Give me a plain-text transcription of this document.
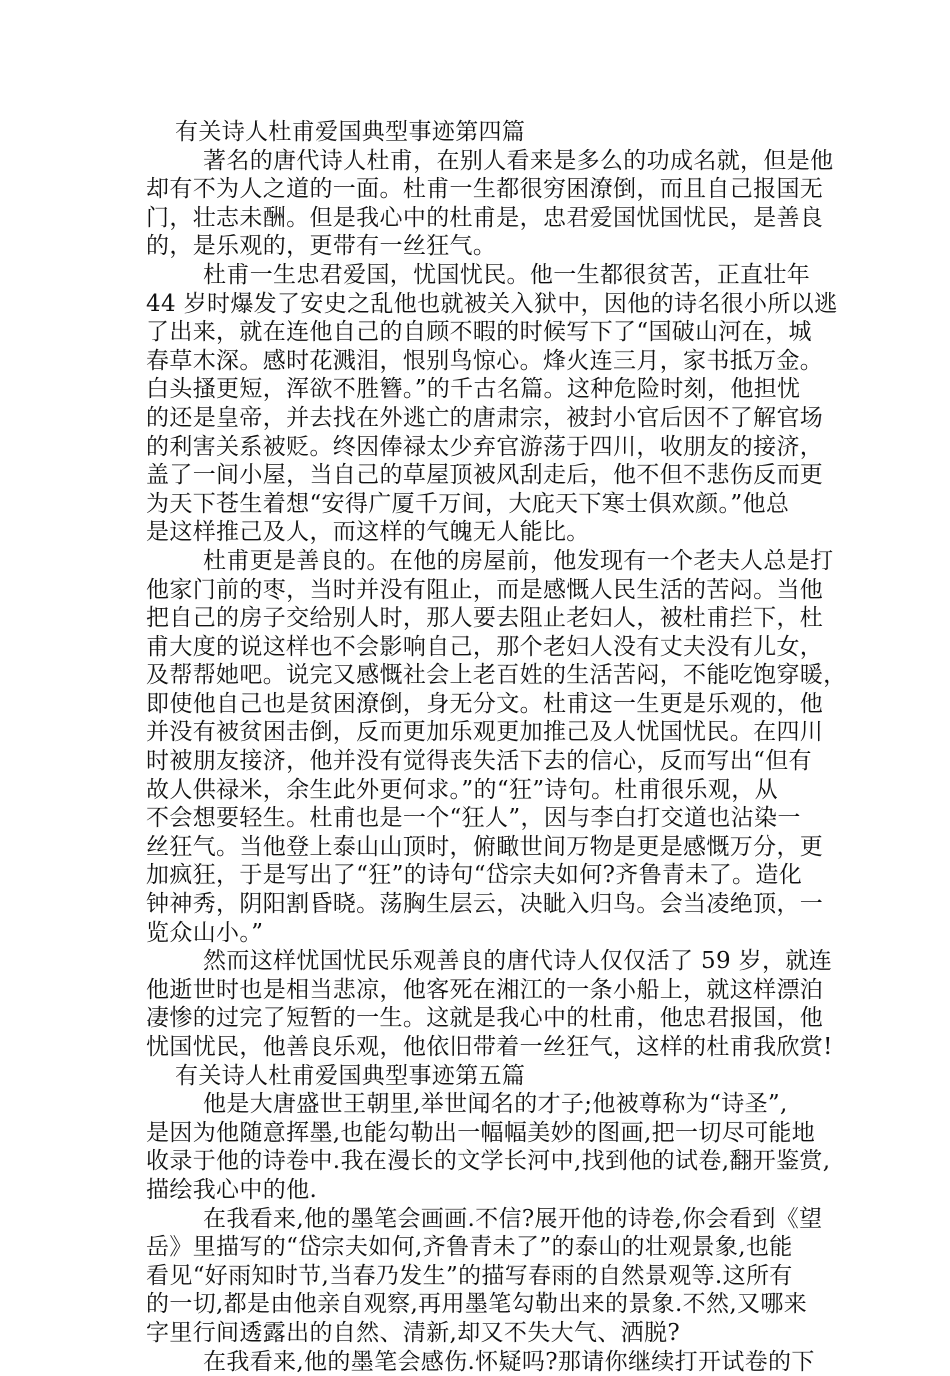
有关诗人杜甫爱国典型事迹第四篇
著名的唐代诗人杜甫，在别人看来是多么的功成名就，但是他
却有不为人之道的一面。杜甫一生都很穷困潦倒，而且自己报国无
门，壮志未酬。但是我心中的杜甫是，忠君爱国忧国忧民，是善良
的，是乐观的，更带有一丝狂气。
杜甫一生忠君爱国，忧国忧民。他一生都很贫苦，正直壮年
44 岁时爆发了安史之乱他也就被关入狱中，因他的诗名很小所以逃
了出来，就在连他自己的自顾不暇的时候写下了“国破山河在，城
春草木深。感时花溅泪，恨别鸟惊心。烽火连三月，家书抵万金。
白头搔更短，浑欲不胜簪。”的千古名篇。这种危险时刻，他担忧
的还是皇帝，并去找在外逃亡的唐肃宗，被封小官后因不了解官场
的利害关系被贬。终因俸禄太少弃官游荡于四川，收朋友的接济，
盖了一间小屋，当自己的草屋顶被风刮走后，他不但不悲伤反而更
为天下苍生着想“安得广厦千万间，大庇天下寒士俱欢颜。”他总
是这样推己及人，而这样的气魄无人能比。
杜甫更是善良的。在他的房屋前，他发现有一个老夫人总是打
他家门前的枣，当时并没有阻止，而是感慨人民生活的苦闷。当他
把自己的房子交给别人时，那人要去阻止老妇人，被杜甫拦下，杜
甫大度的说这样也不会影响自己，那个老妇人没有丈夫没有儿女，
及帮帮她吧。说完又感慨社会上老百姓的生活苦闷，不能吃饱穿暖，
即使他自己也是贫困潦倒，身无分文。杜甫这一生更是乐观的，他
并没有被贫困击倒，反而更加乐观更加推己及人忧国忧民。在四川
时被朋友接济，他并没有觉得丧失活下去的信心，反而写出“但有
故人供禄米，余生此外更何求。”的“狂”诗句。杜甫很乐观，从
不会想要轻生。杜甫也是一个“狂人”，因与李白打交道也沾染一
丝狂气。当他登上泰山山顶时，俯瞰世间万物是更是感慨万分，更
加疯狂，于是写出了“狂”的诗句“岱宗夫如何?齐鲁青未了。造化
钟神秀，阴阳割昏晓。荡胸生层云，决眦入归鸟。会当凌绝顶，一
览众山小。”
然而这样忧国忧民乐观善良的唐代诗人仅仅活了 59 岁，就连
他逝世时也是相当悲凉，他客死在湘江的一条小船上，就这样漂泊
凄惨的过完了短暂的一生。这就是我心中的杜甫，他忠君报国，他
忧国忧民，他善良乐观，他依旧带着一丝狂气，这样的杜甫我欣赏!
有关诗人杜甫爱国典型事迹第五篇
他是大唐盛世王朝里,举世闻名的才子;他被尊称为“诗圣”,
是因为他随意挥墨,也能勾勒出一幅幅美妙的图画,把一切尽可能地
收录于他的诗卷中.我在漫长的文学长河中,找到他的试卷,翻开鉴赏,
描绘我心中的他.
在我看来,他的墨笔会画画.不信?展开他的诗卷,你会看到《望
岳》里描写的“岱宗夫如何,齐鲁青未了”的泰山的壮观景象,也能
看见“好雨知时节,当春乃发生”的描写春雨的自然景观等.这所有
的一切,都是由他亲自观察,再用墨笔勾勒出来的景象.不然,又哪来
字里行间透露出的自然、清新,却又不失大气、洒脱?
在我看来,他的墨笔会感伤.怀疑吗?那请你继续打开试卷的下
